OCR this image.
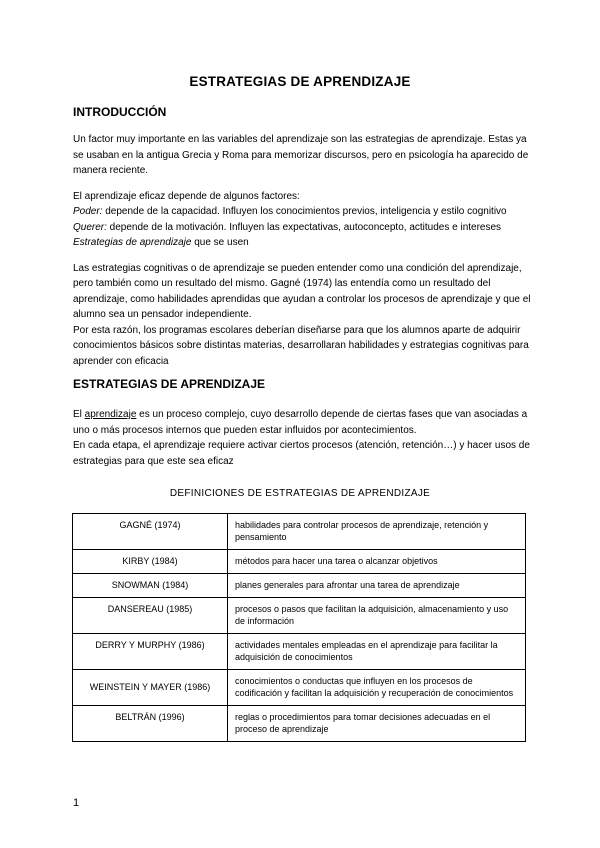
ESTRATEGIAS DE APRENDIZAJE
INTRODUCCIÓN

Un factor muy importante en las variables del aprendizaje son las estrategias de aprendizaje. Estas ya se usaban en la antigua Grecia y Roma para memorizar discursos, pero en psicología ha aparecido de manera reciente.

El aprendizaje eficaz depende de algunos factores:

Poder: depende de la capacidad. Influyen los conocimientos previos, inteligencia y estilo cognitivo

Querer: depende de la motivación. Influyen las expectativas, autoconcepto, actitudes e intereses

Estrategias de aprendizaje que se usen

Las estrategias cognitivas o de aprendizaje se pueden entender como una condición del aprendizaje, pero también como un resultado del mismo. Gagné (1974) las entendía como un resultado del aprendizaje, como habilidades aprendidas que ayudan a controlar los procesos de aprendizaje y que el alumno sea un pensador independiente.

Por esta razón, los programas escolares deberían diseñarse para que los alumnos aparte de adquirir conocimientos básicos sobre distintas materias, desarrollaran habilidades y estrategias cognitivas para aprender con eficacia

ESTRATEGIAS DE APRENDIZAJE

El aprendizaje es un proceso complejo, cuyo desarrollo depende de ciertas fases que van asociadas a uno o más procesos internos que pueden estar influidos por acontecimientos.

En cada etapa, el aprendizaje requiere activar ciertos procesos (atención, retención…) y hacer usos de estrategias para que este sea eficaz

DEFINICIONES DE ESTRATEGIAS DE APRENDIZAJE
GAGNÉ (1974)	habilidades para controlar procesos de aprendizaje, retención y pensamiento
KIRBY (1984)	métodos para hacer una tarea o alcanzar objetivos
SNOWMAN (1984)	planes generales para afrontar una tarea de aprendizaje
DANSEREAU (1985)	procesos o pasos que facilitan la adquisición, almacenamiento y uso de información
DERRY Y MURPHY (1986)	actividades mentales empleadas en el aprendizaje para facilitar la adquisición de conocimientos
WEINSTEIN Y MAYER (1986)	conocimientos o conductas que influyen en los procesos de codificación y facilitan la adquisición y recuperación de conocimientos
BELTRÁN (1996)	reglas o procedimientos para tomar decisiones adecuadas en el proceso de aprendizaje
1
